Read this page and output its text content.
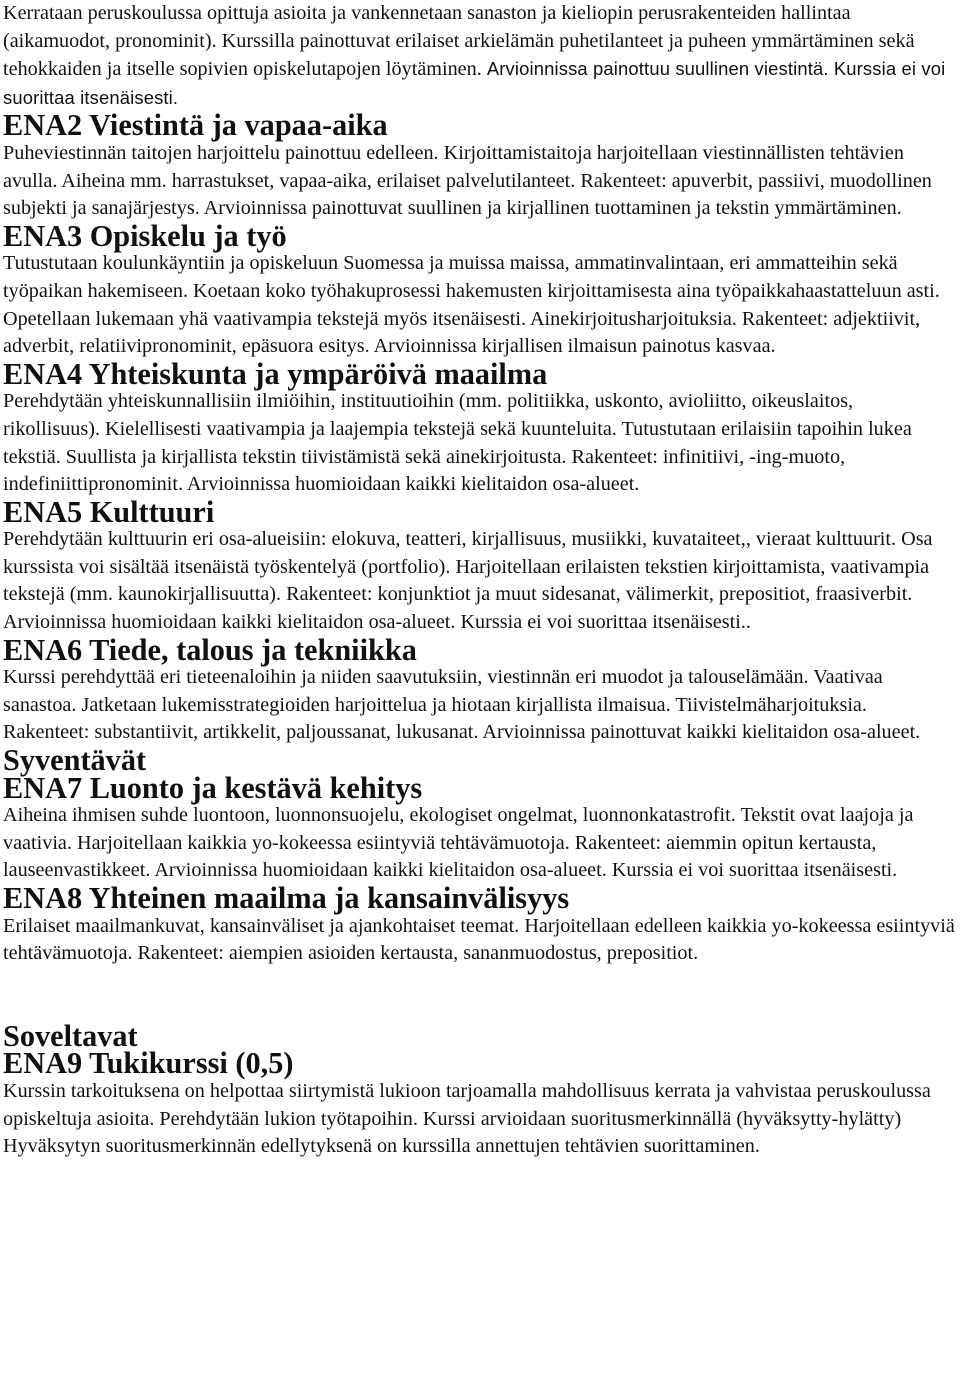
Kerrataan peruskoulussa opittuja asioita ja vankennetaan sanaston ja kieliopin perusrakenteiden hallintaa (aikamuodot, pronominit). Kurssilla painottuvat erilaiset arkielämän puhetilanteet ja puheen ymmärtäminen sekä tehokkaiden ja itselle sopivien opiskelutapojen löytäminen. Arvioinnissa painottuu suullinen viestintä. Kurssia ei voi suorittaa itsenäisesti.

ENA2 Viestintä ja vapaa-aika

Puheviestinnän taitojen harjoittelu painottuu edelleen. Kirjoittamistaitoja harjoitellaan viestinnällisten tehtävien avulla. Aiheina mm. harrastukset, vapaa-aika, erilaiset palvelutilanteet. Rakenteet: apuverbit, passiivi, muodollinen subjekti ja sanajärjestys. Arvioinnissa painottuvat suullinen ja kirjallinen tuottaminen ja tekstin ymmärtäminen.

ENA3 Opiskelu ja työ

Tutustutaan koulunkäyntiin ja opiskeluun Suomessa ja muissa maissa, ammatinvalintaan, eri ammatteihin sekä työpaikan hakemiseen. Koetaan koko työhakuprosessi hakemusten kirjoittamisesta aina työpaikkahaastatteluun asti. Opetellaan lukemaan yhä vaativampia tekstejä myös itsenäisesti. Ainekirjoitusharjoituksia. Rakenteet: adjektiivit, adverbit, relatiivipronominit, epäsuora esitys. Arvioinnissa kirjallisen ilmaisun painotus kasvaa.

ENA4 Yhteiskunta ja ympäröivä maailma

Perehdytään yhteiskunnallisiin ilmiöihin, instituutioihin (mm. politiikka, uskonto, avioliitto, oikeuslaitos, rikollisuus). Kielellisesti vaativampia ja laajempia tekstejä sekä kuunteluita. Tutustutaan erilaisiin tapoihin lukea tekstiä. Suullista ja kirjallista tekstin tiivistämistä sekä ainekirjoitusta. Rakenteet: infinitiivi, -ing-muoto, indefiniittipronominit. Arvioinnissa huomioidaan kaikki kielitaidon osa-alueet.

ENA5 Kulttuuri

Perehdytään kulttuurin eri osa-alueisiin: elokuva, teatteri, kirjallisuus, musiikki, kuvataiteet,, vieraat kulttuurit. Osa kurssista voi sisältää itsenäistä työskentelyä (portfolio). Harjoitellaan erilaisten tekstien kirjoittamista, vaativampia tekstejä (mm. kaunokirjallisuutta). Rakenteet: konjunktiot ja muut sidesanat, välimerkit, prepositiot, fraasiverbit. Arvioinnissa huomioidaan kaikki kielitaidon osa-alueet. Kurssia ei voi suorittaa itsenäisesti..

ENA6 Tiede, talous ja tekniikka

Kurssi perehdyttää eri tieteenaloihin ja niiden saavutuksiin, viestinnän eri muodot ja talouselämään. Vaativaa sanastoa. Jatketaan lukemisstrategioiden harjoittelua ja hiotaan kirjallista ilmaisua. Tiivistelmäharjoituksia. Rakenteet: substantiivit, artikkelit, paljoussanat, lukusanat. Arvioinnissa painottuvat kaikki kielitaidon osa-alueet.

Syventävät
ENA7 Luonto ja kestävä kehitys

Aiheina ihmisen suhde luontoon, luonnonsuojelu, ekologiset ongelmat, luonnonkatastrofit. Tekstit ovat laajoja ja vaativia. Harjoitellaan kaikkia yo-kokeessa esiintyviä tehtävämuotoja. Rakenteet: aiemmin opitun kertausta, lauseenvastikkeet. Arvioinnissa huomioidaan kaikki kielitaidon osa-alueet. Kurssia ei voi suorittaa itsenäisesti.

ENA8 Yhteinen maailma ja kansainvälisyys

Erilaiset maailmankuvat, kansainväliset ja ajankohtaiset teemat. Harjoitellaan edelleen kaikkia yo-kokeessa esiintyviä tehtävämuotoja. Rakenteet: aiempien asioiden kertausta, sananmuodostus, prepositiot.

Soveltavat
ENA9 Tukikurssi (0,5)

Kurssin tarkoituksena on helpottaa siirtymistä lukioon tarjoamalla mahdollisuus kerrata ja vahvistaa peruskoulussa opiskeltuja asioita. Perehdytään lukion työtapoihin. Kurssi arvioidaan suoritusmerkinnällä (hyväksytty-hylätty) Hyväksytyn suoritusmerkinnän edellytyksenä on kurssilla annettujen tehtävien suorittaminen.
